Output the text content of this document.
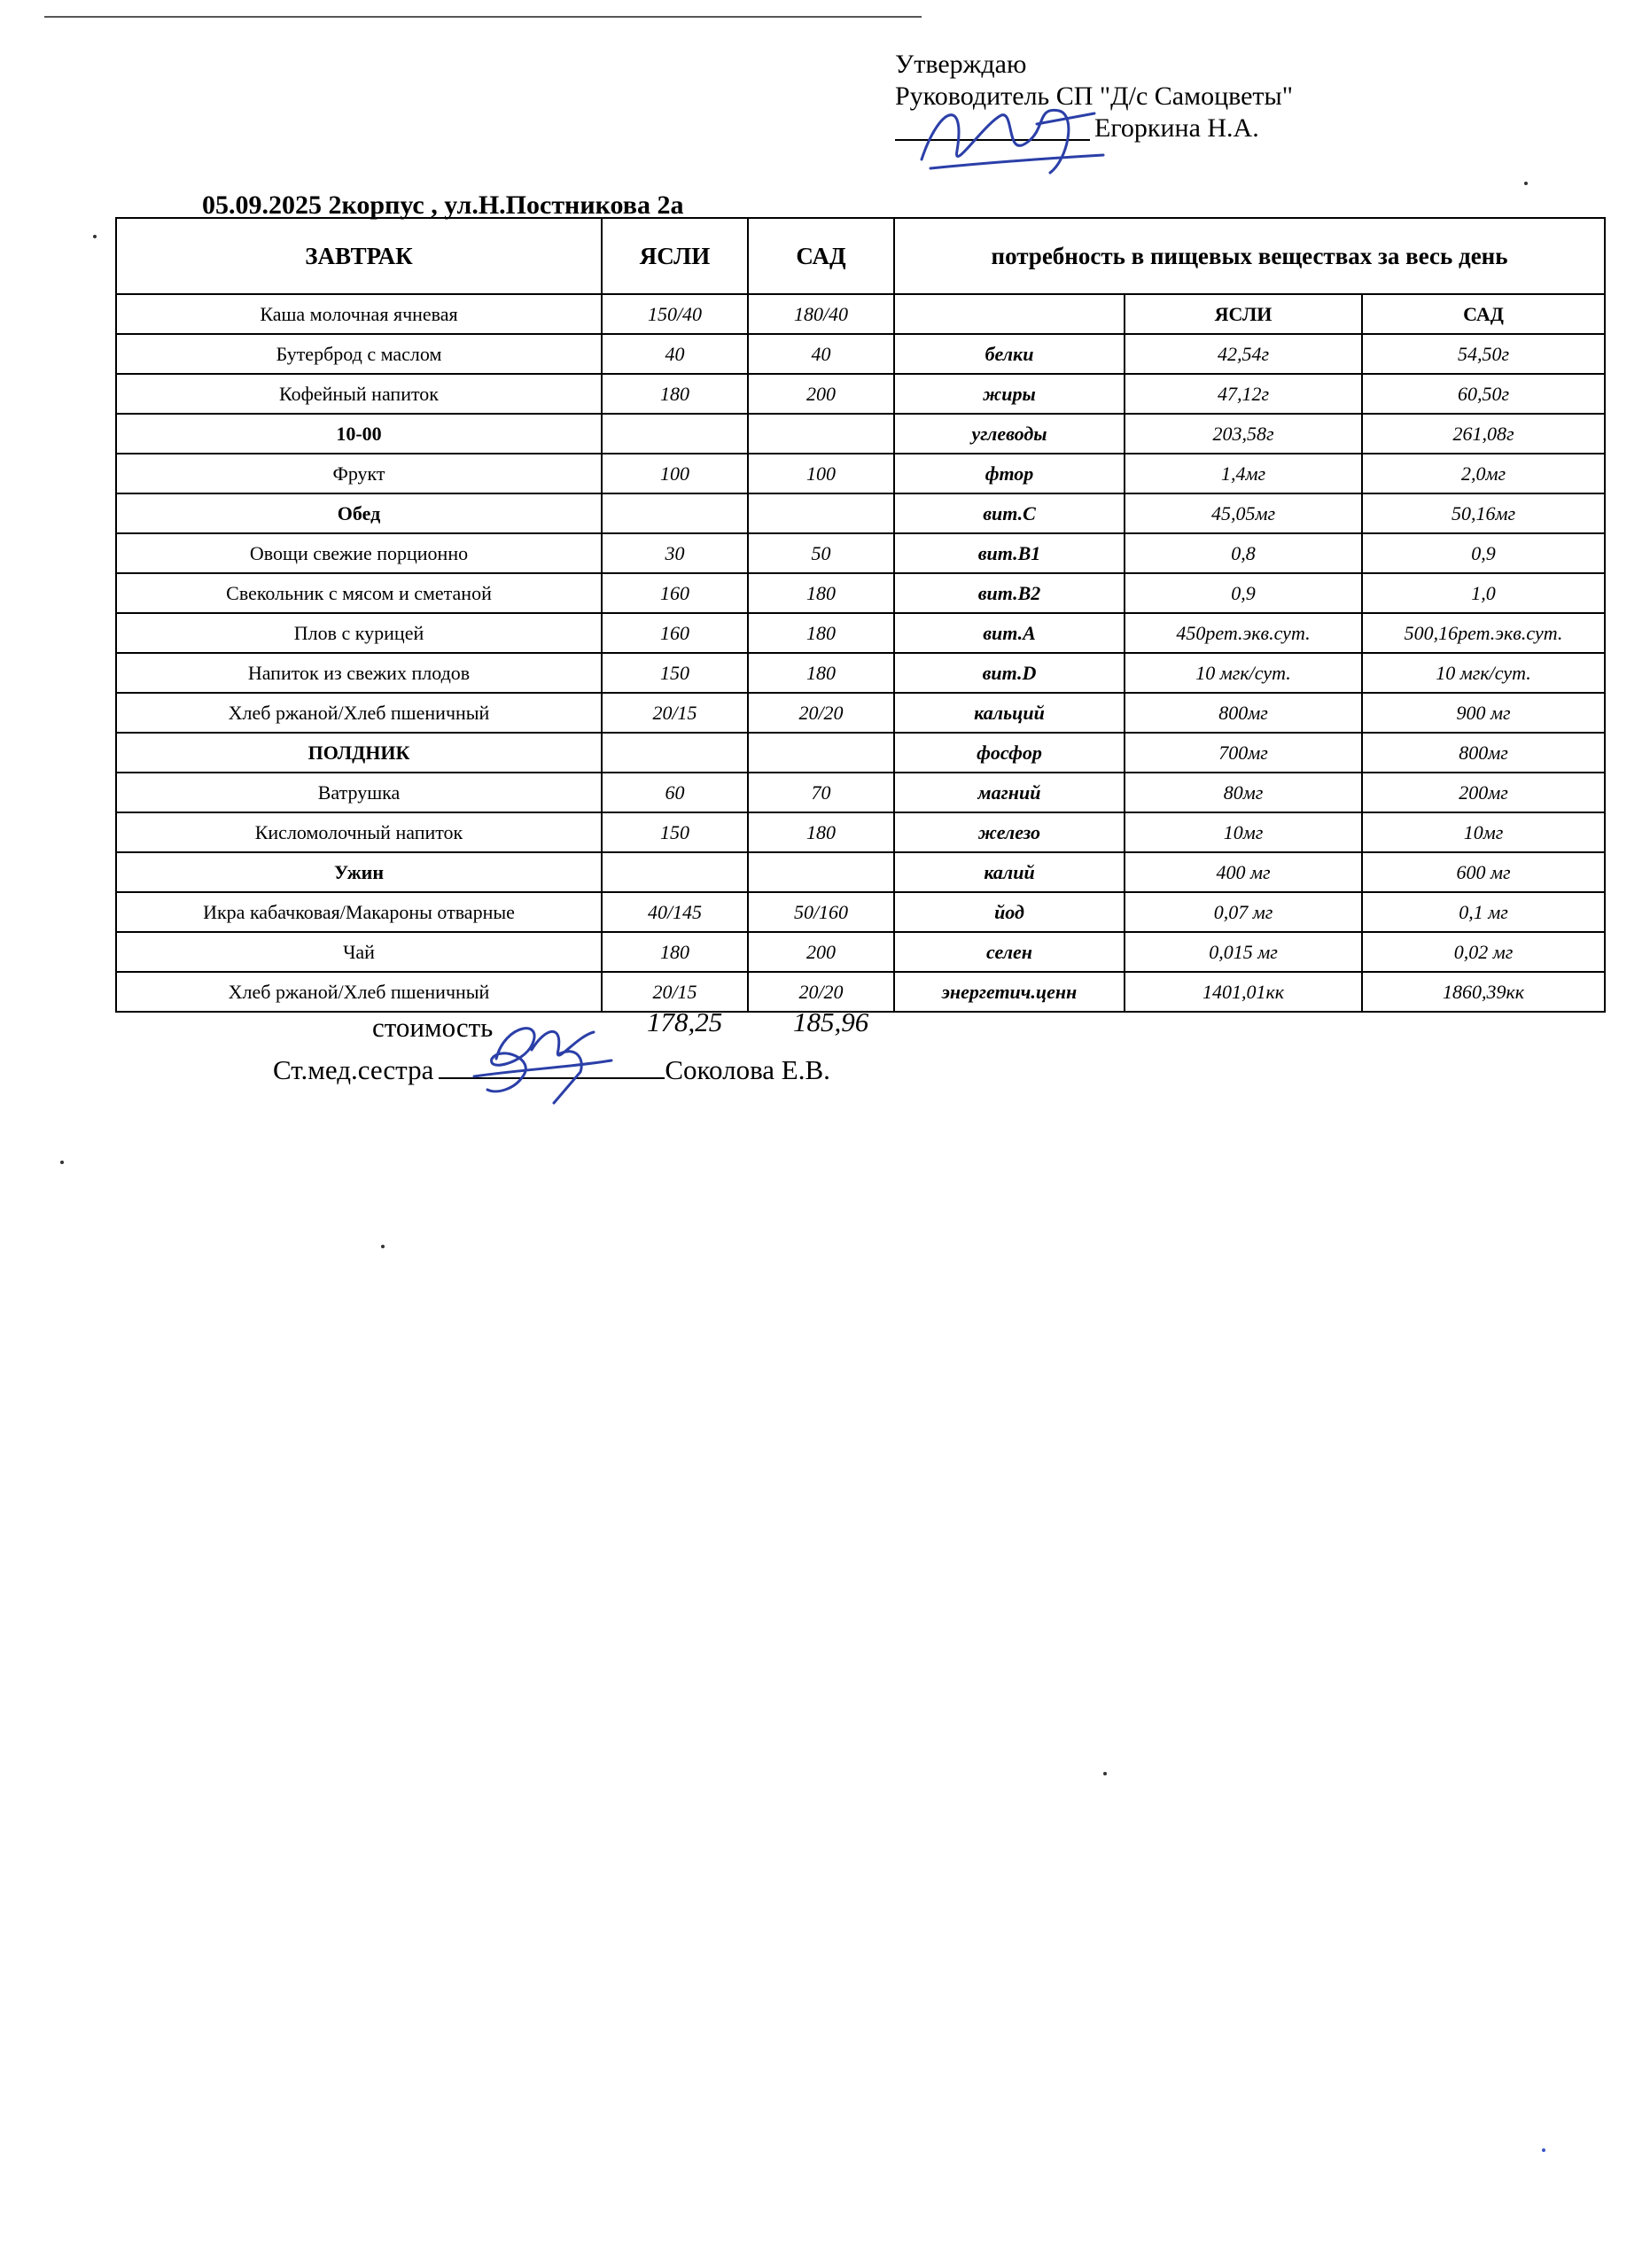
Утверждаю
Руководитель СП "Д/с Самоцветы"
Егоркина Н.А.
05.09.2025 2корпус , ул.Н.Постникова 2а
ЗАВТРАК	ЯСЛИ	САД	потребность в пищевых веществах за весь день		
Каша молочная ячневая	150/40	180/40		ЯСЛИ	САД
Бутерброд с маслом	40	40	белки	42,54г	54,50г
Кофейный напиток	180	200	жиры	47,12г	60,50г
10-00			углеводы	203,58г	261,08г
Фрукт	100	100	фтор	1,4мг	2,0мг
Обед			вит.С	45,05мг	50,16мг
Овощи свежие порционно	30	50	вит.В1	0,8	0,9
Свекольник с мясом и сметаной	160	180	вит.В2	0,9	1,0
Плов с курицей	160	180	вит.А	450рет.экв.сут.	500,16рет.экв.сут.
Напиток из свежих плодов	150	180	вит.D	10 мгк/сут.	10 мгк/сут.
Хлеб ржаной/Хлеб пшеничный	20/15	20/20	кальций	800мг	900 мг
ПОЛДНИК			фосфор	700мг	800мг
Ватрушка	60	70	магний	80мг	200мг
Кисломолочный напиток	150	180	железо	10мг	10мг
Ужин			калий	400 мг	600 мг
Икра кабачковая/Макароны отварные	40/145	50/160	йод	0,07 мг	0,1 мг
Чай	180	200	селен	0,015 мг	0,02 мг
Хлеб ржаной/Хлеб пшеничный	20/15	20/20	энергетич.ценн	1401,01кк	1860,39кк
стоимость	178,25	185,96
Ст.мед.сестра	Соколова Е.В.
